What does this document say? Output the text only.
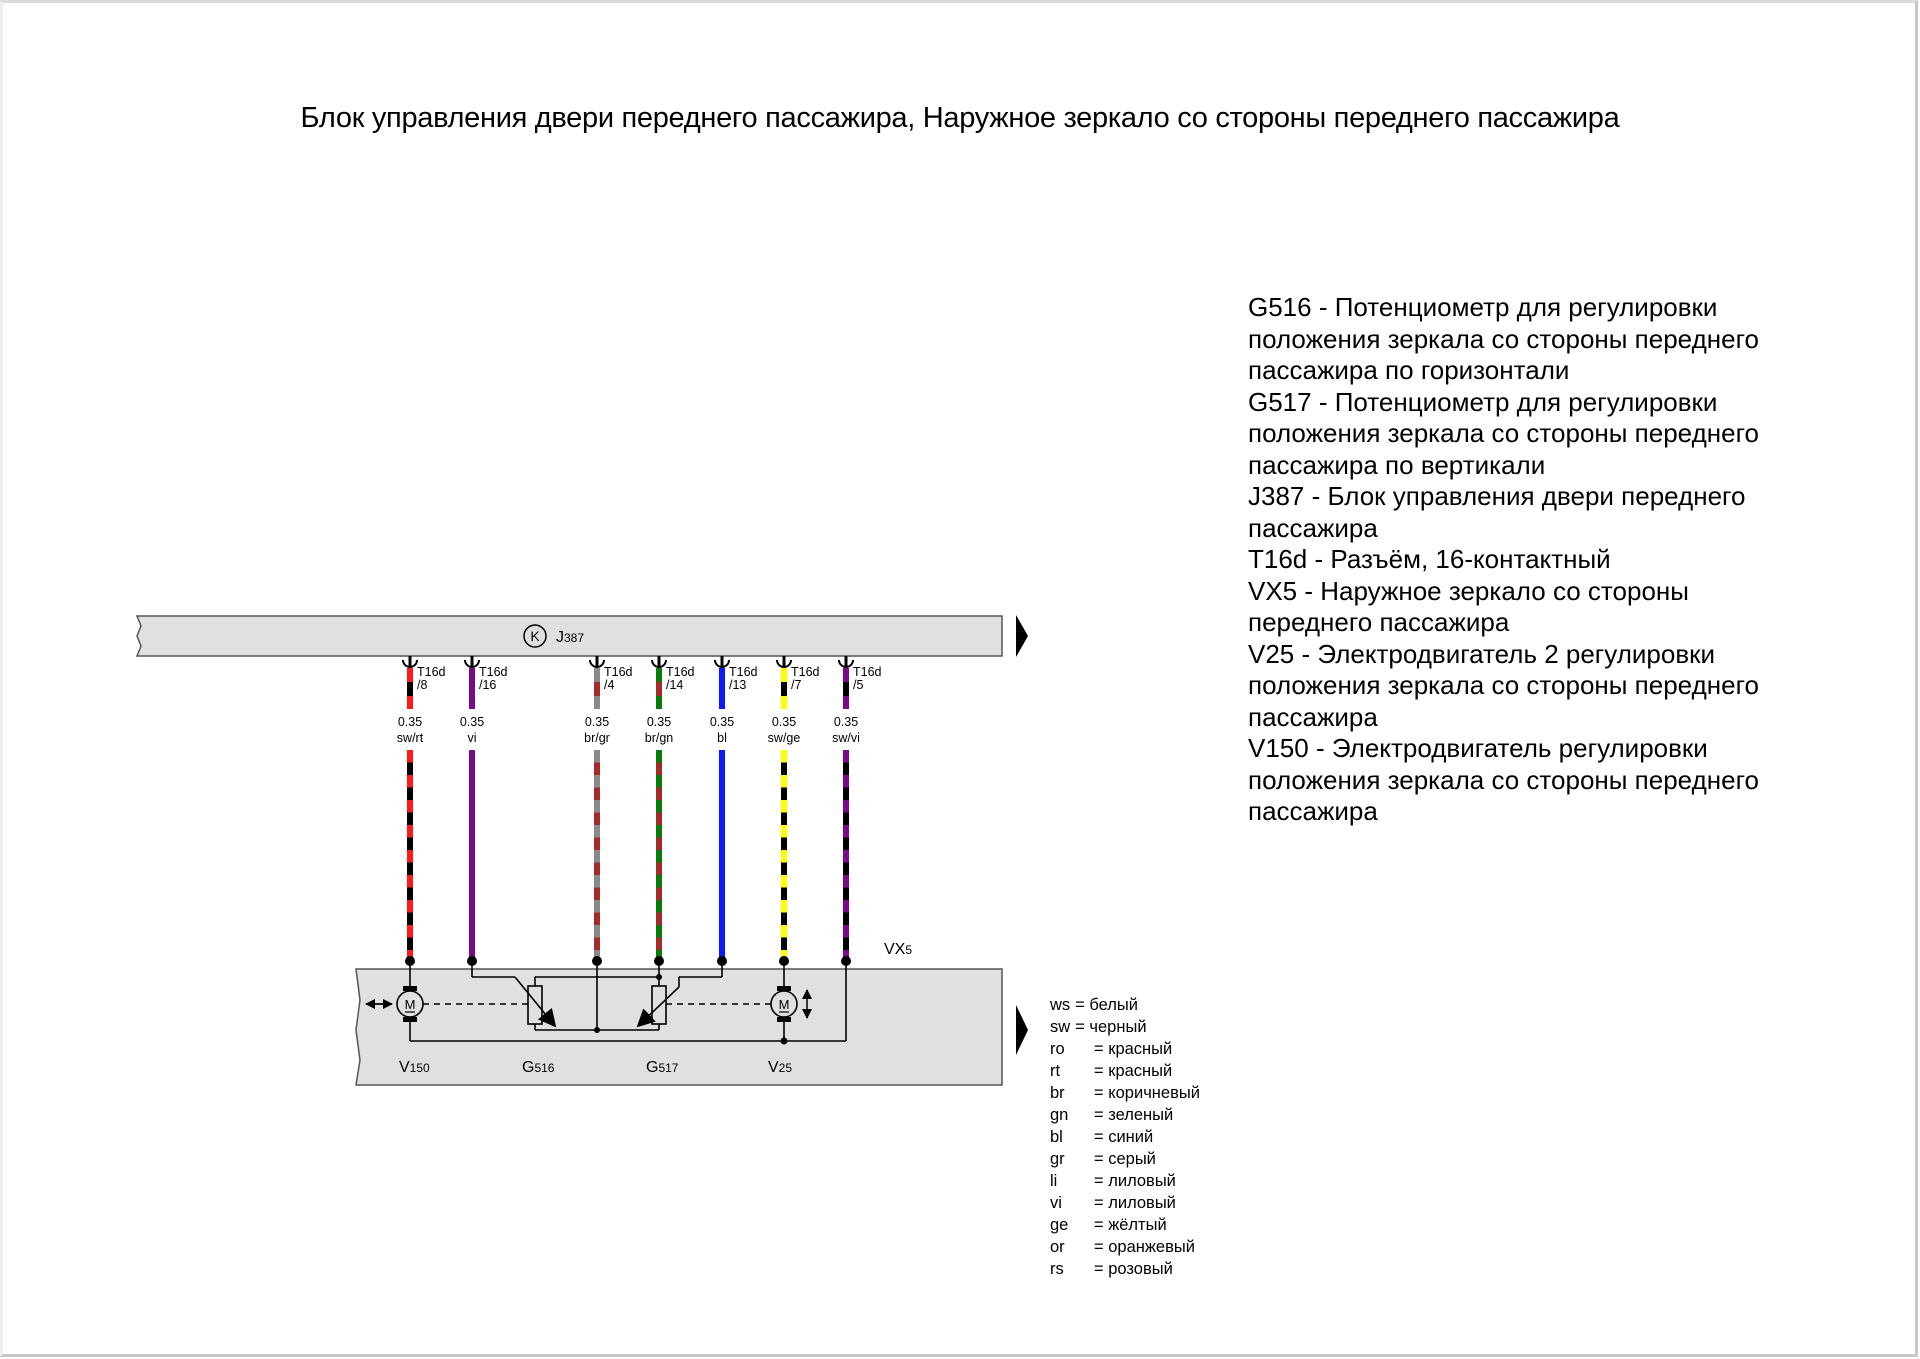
Блок управления двери переднего пассажира, Наружное зеркало со стороны переднего пассажира
K J387
VX5
T16d
/8
0.35
sw/rt
T16d
/16
0.35
vi
T16d
/4
0.35
br/gr
T16d
/14
0.35
br/gn
T16d
/13
0.35
bl
T16d
/7
0.35
sw/ge
T16d
/5
0.35
sw/vi
M	M
V150	G516	G517	V25
G516 - Потенциометр для регулировки положения зеркала со стороны переднего пассажира по горизонтали
G517 - Потенциометр для регулировки положения зеркала со стороны переднего пассажира по вертикали
J387 - Блок управления двери переднего пассажира
T16d - Разъём, 16-контактный
VX5 - Наружное зеркало со стороны переднего пассажира
V25 - Электродвигатель 2 регулировки положения зеркала со стороны переднего пассажира
V150 - Электродвигатель регулировки положения зеркала со стороны переднего пассажира
ws = белый
sw = черный
ro	= красный
rt	= красный
br	= коричневый
gn	= зеленый
bl	= синий
gr	= серый
li	= лиловый
vi	= лиловый
ge	= жёлтый
or	= оранжевый
rs	= розовый
